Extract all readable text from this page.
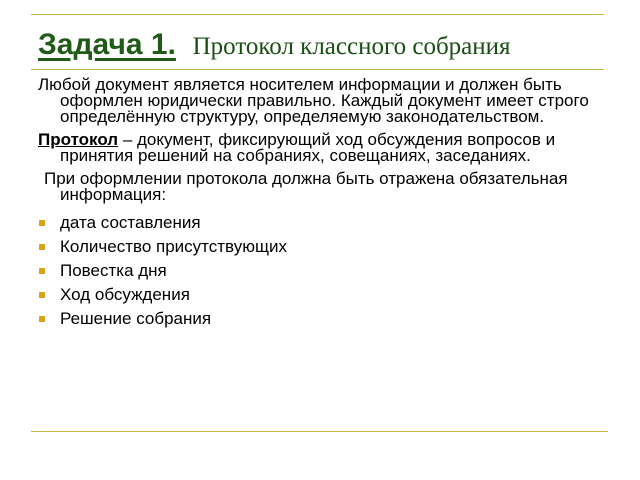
Задача 1. Протокол классного собрания

Любой документ является носителем информации и должен быть оформлен юридически правильно. Каждый документ имеет строго определённую структуру, определяемую законодательством.

Протокол – документ, фиксирующий ход обсуждения вопросов и принятия решений на собраниях, совещаниях, заседаниях.

При оформлении протокола должна быть отражена обязательная информация:

дата составления
Количество присутствующих
Повестка дня
Ход обсуждения
Решение собрания
